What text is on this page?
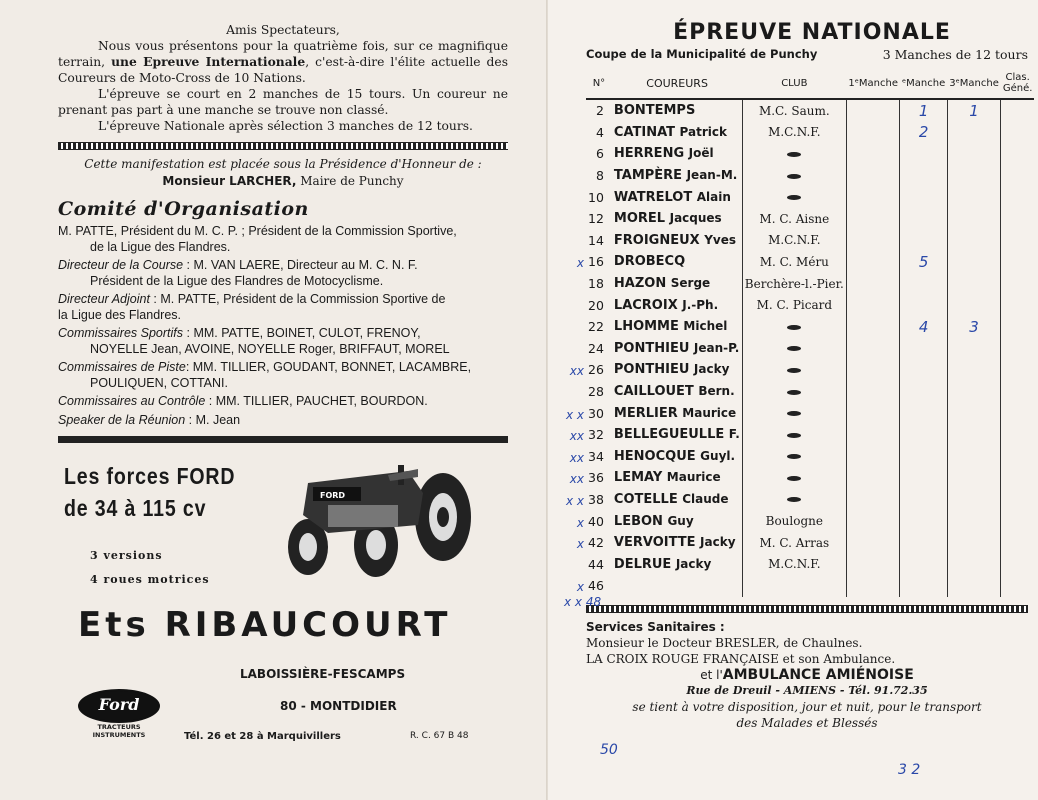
Amis Spectateurs,

Nous vous présentons pour la quatrième fois, sur ce magnifique terrain, une Epreuve Internationale, c'est-à-dire l'élite actuelle des Coureurs de Moto-Cross de 10 Nations.

L'épreuve se court en 2 manches de 15 tours. Un coureur ne prenant pas part à une manche se trouve non classé.

L'épreuve Nationale après sélection 3 manches de 12 tours.

Cette manifestation est placée sous la Présidence d'Honneur de :
Monsieur LARCHER, Maire de Punchy
Comité d'Organisation
M. PATTE, Président du M. C. P. ; Président de la Commission Sportive,
de la Ligue des Flandres.
Directeur de la Course : M. VAN LAERE, Directeur au M. C. N. F.
Président de la Ligue des Flandres de Motocyclisme.
Directeur Adjoint : M. PATTE, Président de la Commission Sportive de
la Ligue des Flandres.
Commissaires Sportifs : MM. PATTE, BOINET, CULOT, FRENOY,
NOYELLE Jean, AVOINE, NOYELLE Roger, BRIFFAUT, MOREL
Commissaires de Piste: MM. TILLIER, GOUDANT, BONNET, LACAMBRE,
POULIQUEN, COTTANI.
Commissaires au Contrôle : MM. TILLIER, PAUCHET, BOURDON.
Speaker de la Réunion : M. Jean
Les forces FORD
de 34 à 115 cv
3 versions
4 roues motrices
FORD
Ets RIBAUCOURT
LABOISSIÈRE-FESCAMPS
80 - MONTDIDIER
Tél. 26 et 28 à Marquivillers	R. C. 67 B 48
Ford
TRACTEURS
INSTRUMENTS
ÉPREUVE NATIONALE
Coupe de la Municipalité de Punchy	3 Manches de 12 tours
N°	COUREURS	CLUB	1ᵉManche	ᵉManche	3ᵉManche	Clas. Géné.
2	BONTEMPS	M.C. Saum.		1	1	
4	CATINAT Patrick	M.C.N.F.		2		
6	HERRENG Joël					
8	TAMPÈRE Jean-M.					
10	WATRELOT Alain					
12	MOREL Jacques	M. C. Aisne				
14	FROIGNEUX Yves	M.C.N.F.				

x 16	DROBECQ	M. C. Méru		5		
18	HAZON Serge	Berchère-l.-Pier.				
20	LACROIX J.-Ph.	M. C. Picard				
22	LHOMME Michel			4	3	
24	PONTHIEU Jean-P.					

xx 26	PONTHIEU Jacky					
28	CAILLOUET Bern.					

x x 30	MERLIER Maurice					

xx 32	BELLEGUEULLE F.					

xx 34	HENOCQUE Guyl.					

xx 36	LEMAY Maurice					

x x 38	COTELLE Claude					

x 40	LEBON Guy	Boulogne				

x 42	VERVOITTE Jacky	M. C. Arras				
44	DELRUE Jacky	M.C.N.F.				

x 46						
x x 48
Services Sanitaires :
Monsieur le Docteur BRESLER, de Chaulnes.
LA CROIX ROUGE FRANÇAISE et son Ambulance.
et l'AMBULANCE AMIÉNOISE
Rue de Dreuil - AMIENS - Tél. 91.72.35
se tient à votre disposition, jour et nuit, pour le transport
des Malades et Blessés
50
3 2
